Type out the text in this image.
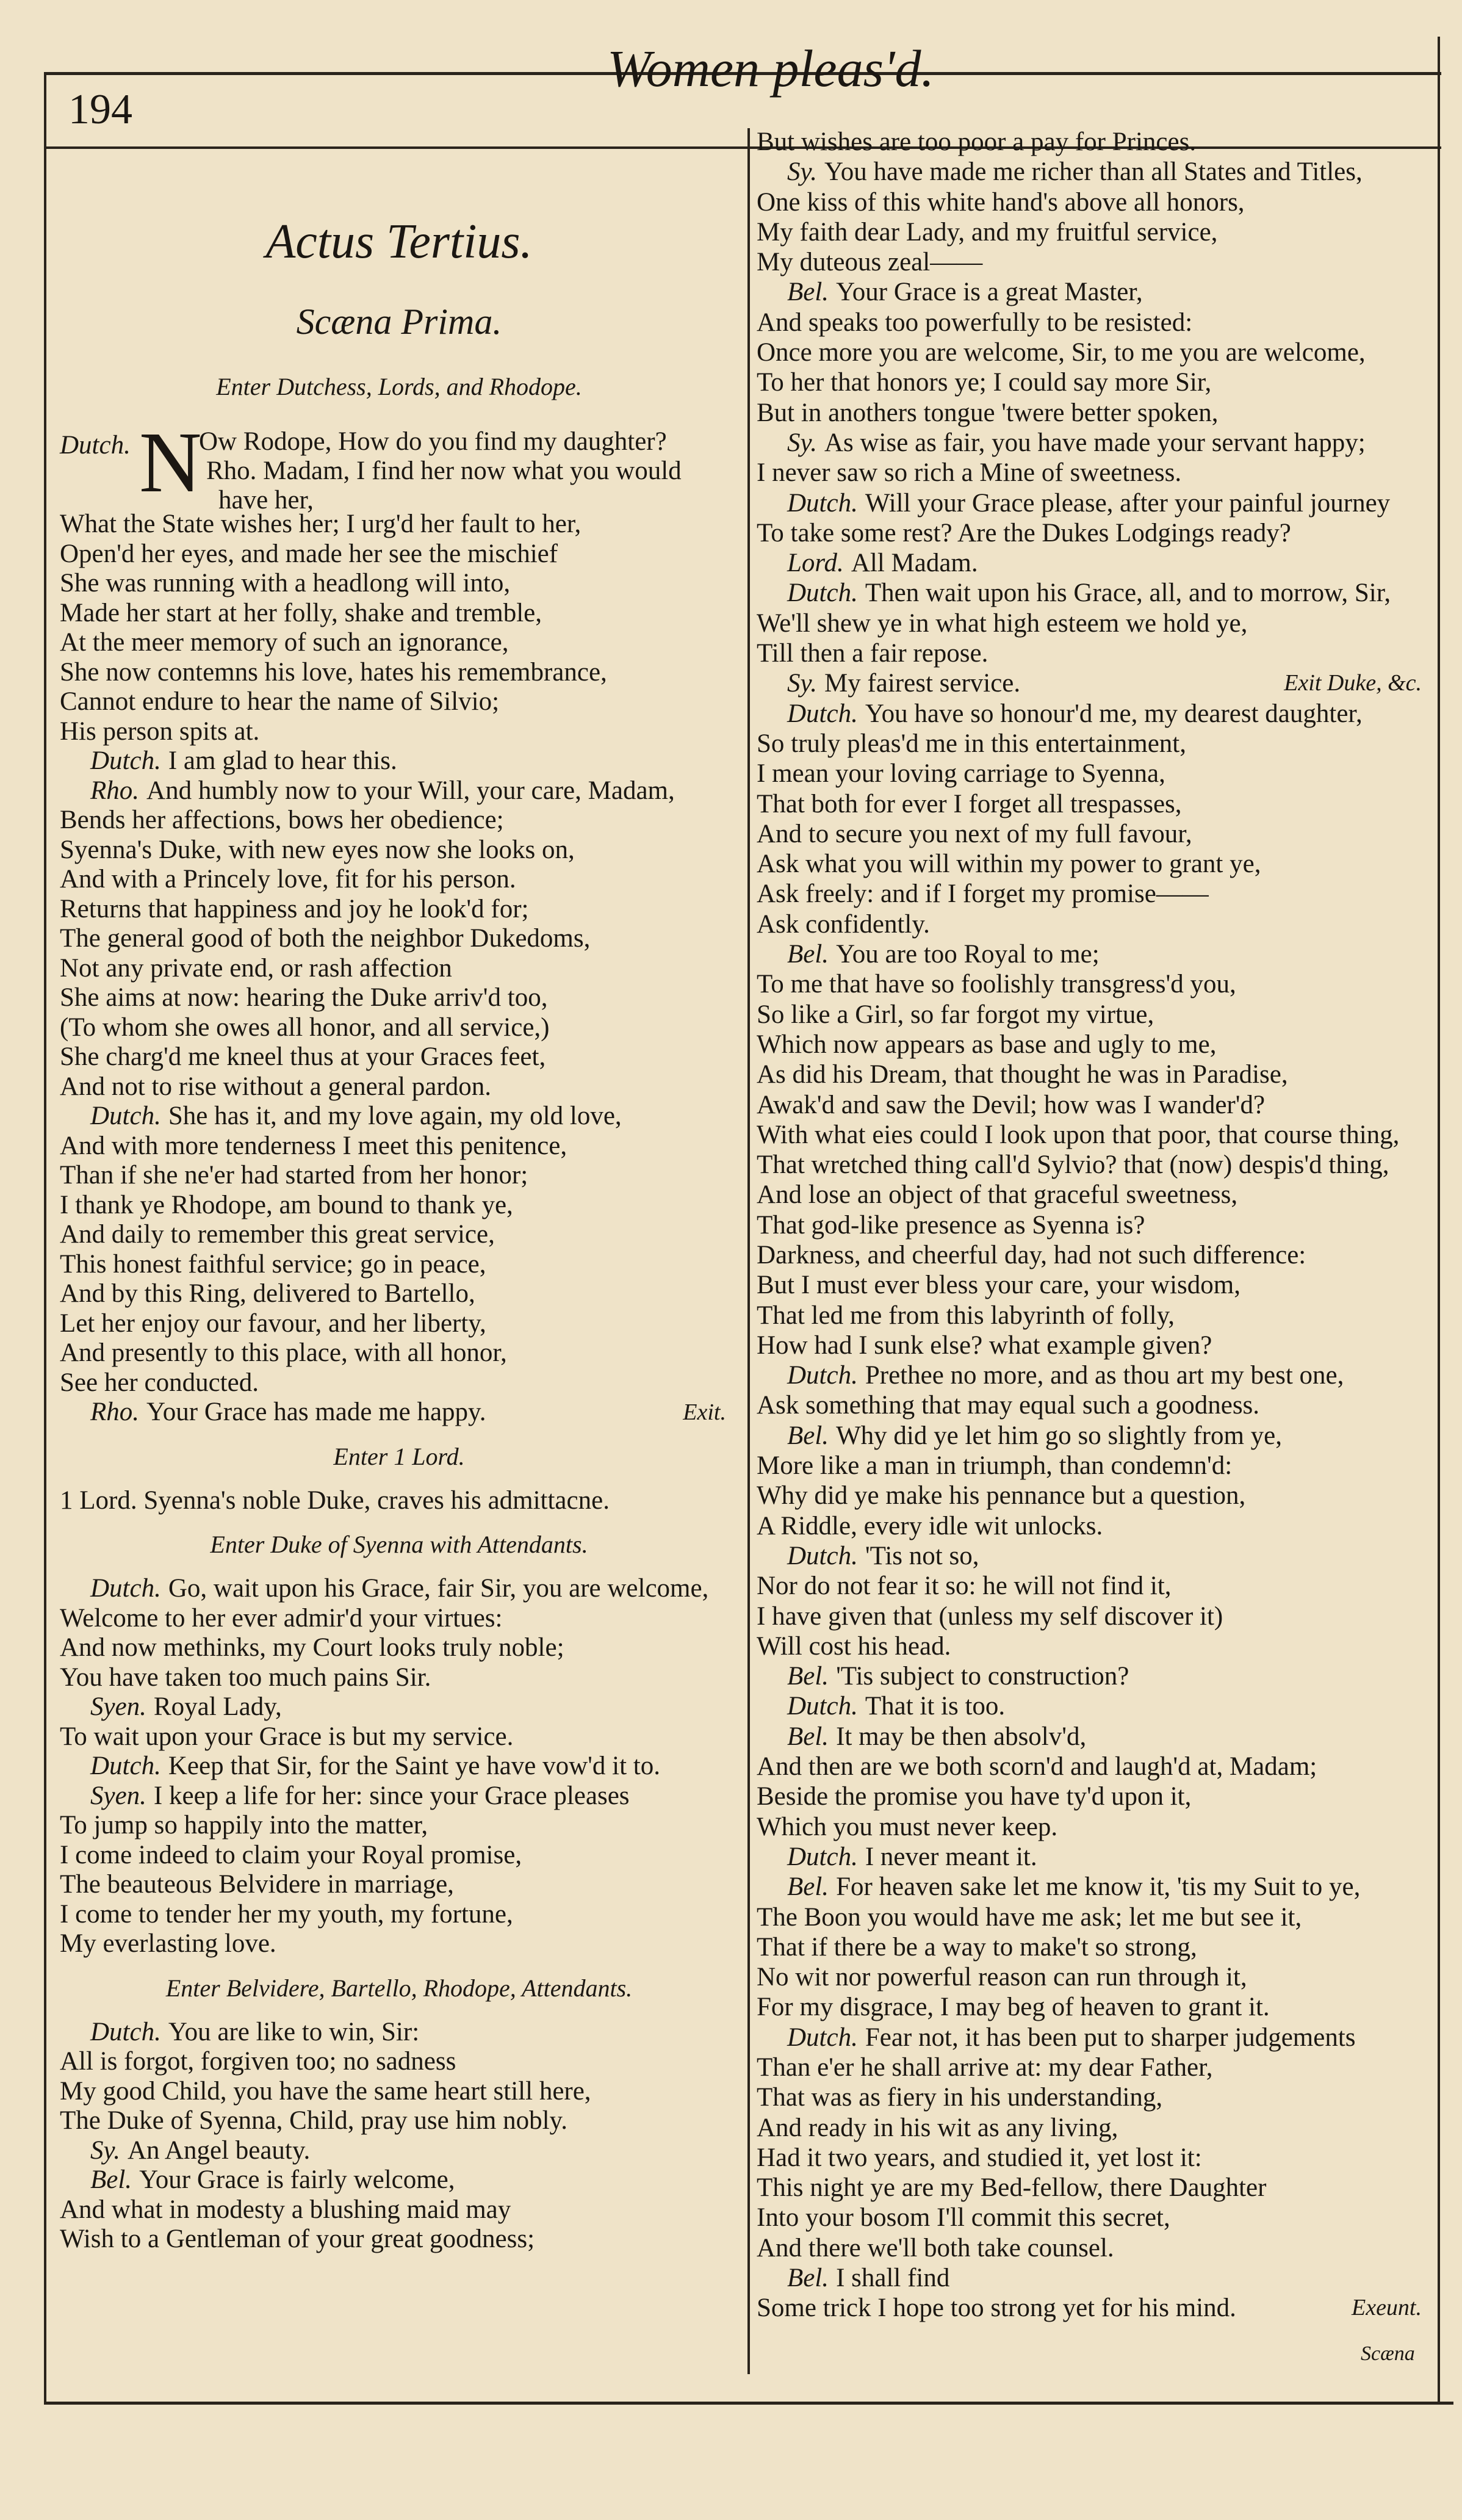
194
Women pleas'd.
Actus Tertius.
Scæna Prima.
Enter Dutchess, Lords, and Rhodope.
Dutch. N
Ow Rodope, How do you find my daughter?
Rho. Madam, I find her now what you would
have her,
What the State wishes her; I urg'd her fault to her,
Open'd her eyes, and made her see the mischief
She was running with a headlong will into,
Made her start at her folly, shake and tremble,
At the meer memory of such an ignorance,
She now contemns his love, hates his remembrance,
Cannot endure to hear the name of Silvio;
His person spits at.
Dutch. I am glad to hear this.
Rho. And humbly now to your Will, your care, Madam,
Bends her affections, bows her obedience;
Syenna's Duke, with new eyes now she looks on,
And with a Princely love, fit for his person.
Returns that happiness and joy he look'd for;
The general good of both the neighbor Dukedoms,
Not any private end, or rash affection
She aims at now: hearing the Duke arriv'd too,
(To whom she owes all honor, and all service,)
She charg'd me kneel thus at your Graces feet,
And not to rise without a general pardon.
Dutch. She has it, and my love again, my old love,
And with more tenderness I meet this penitence,
Than if she ne'er had started from her honor;
I thank ye Rhodope, am bound to thank ye,
And daily to remember this great service,
This honest faithful service; go in peace,
And by this Ring, delivered to Bartello,
Let her enjoy our favour, and her liberty,
And presently to this place, with all honor,
See her conducted.
Exit.
Rho. Your Grace has made me happy.
Enter 1 Lord.
1 Lord. Syenna's noble Duke, craves his admittacne.
Enter Duke of Syenna with Attendants.
Dutch. Go, wait upon his Grace, fair Sir, you are welcome,
Welcome to her ever admir'd your virtues:
And now methinks, my Court looks truly noble;
You have taken too much pains Sir.
Syen. Royal Lady,
To wait upon your Grace is but my service.
Dutch. Keep that Sir, for the Saint ye have vow'd it to.
Syen. I keep a life for her: since your Grace pleases
To jump so happily into the matter,
I come indeed to claim your Royal promise,
The beauteous Belvidere in marriage,
I come to tender her my youth, my fortune,
My everlasting love.
Enter Belvidere, Bartello, Rhodope, Attendants.
Dutch. You are like to win, Sir:
All is forgot, forgiven too; no sadness
My good Child, you have the same heart still here,
The Duke of Syenna, Child, pray use him nobly.
Sy. An Angel beauty.
Bel. Your Grace is fairly welcome,
And what in modesty a blushing maid may
Wish to a Gentleman of your great goodness;
But wishes are too poor a pay for Princes.
Sy. You have made me richer than all States and Titles,
One kiss of this white hand's above all honors,
My faith dear Lady, and my fruitful service,
My duteous zeal——
Bel. Your Grace is a great Master,
And speaks too powerfully to be resisted:
Once more you are welcome, Sir, to me you are welcome,
To her that honors ye; I could say more Sir,
But in anothers tongue 'twere better spoken,
Sy. As wise as fair, you have made your servant happy;
I never saw so rich a Mine of sweetness.
Dutch. Will your Grace please, after your painful journey
To take some rest? Are the Dukes Lodgings ready?
Lord. All Madam.
Dutch. Then wait upon his Grace, all, and to morrow, Sir,
We'll shew ye in what high esteem we hold ye,
Till then a fair repose.
Exit Duke, &c.
Sy. My fairest service.
Dutch. You have so honour'd me, my dearest daughter,
So truly pleas'd me in this entertainment,
I mean your loving carriage to Syenna,
That both for ever I forget all trespasses,
And to secure you next of my full favour,
Ask what you will within my power to grant ye,
Ask freely: and if I forget my promise——
Ask confidently.
Bel. You are too Royal to me;
To me that have so foolishly transgress'd you,
So like a Girl, so far forgot my virtue,
Which now appears as base and ugly to me,
As did his Dream, that thought he was in Paradise,
Awak'd and saw the Devil; how was I wander'd?
With what eies could I look upon that poor, that course thing,
That wretched thing call'd Sylvio? that (now) despis'd thing,
And lose an object of that graceful sweetness,
That god-like presence as Syenna is?
Darkness, and cheerful day, had not such difference:
But I must ever bless your care, your wisdom,
That led me from this labyrinth of folly,
How had I sunk else? what example given?
Dutch. Prethee no more, and as thou art my best one,
Ask something that may equal such a goodness.
Bel. Why did ye let him go so slightly from ye,
More like a man in triumph, than condemn'd:
Why did ye make his pennance but a question,
A Riddle, every idle wit unlocks.
Dutch. 'Tis not so,
Nor do not fear it so: he will not find it,
I have given that (unless my self discover it)
Will cost his head.
Bel. 'Tis subject to construction?
Dutch. That it is too.
Bel. It may be then absolv'd,
And then are we both scorn'd and laugh'd at, Madam;
Beside the promise you have ty'd upon it,
Which you must never keep.
Dutch. I never meant it.
Bel. For heaven sake let me know it, 'tis my Suit to ye,
The Boon you would have me ask; let me but see it,
That if there be a way to make't so strong,
No wit nor powerful reason can run through it,
For my disgrace, I may beg of heaven to grant it.
Dutch. Fear not, it has been put to sharper judgements
Than e'er he shall arrive at: my dear Father,
That was as fiery in his understanding,
And ready in his wit as any living,
Had it two years, and studied it, yet lost it:
This night ye are my Bed-fellow, there Daughter
Into your bosom I'll commit this secret,
And there we'll both take counsel.
Bel. I shall find
Exeunt.
Some trick I hope too strong yet for his mind.
Scæna
